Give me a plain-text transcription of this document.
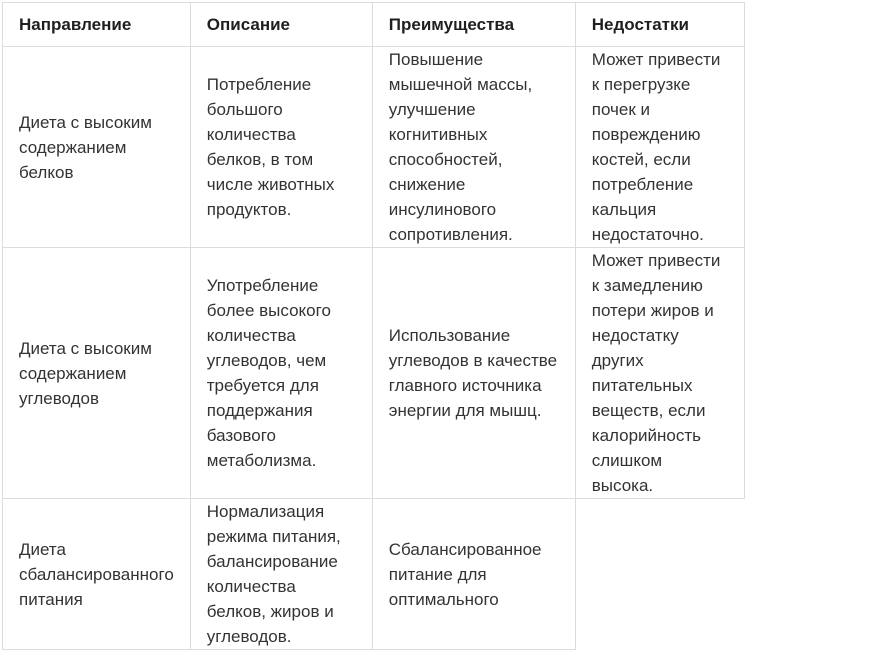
Направление	Описание	Преимущества	Недостатки
Диета с высоким содержанием белков	Потребление большого количества белков, в том числе животных продуктов.	Повышение мышечной массы, улучшение когнитивных способностей, снижение инсулинового сопротивления.	Может привести к перегрузке почек и повреждению костей, если потребление кальция недостаточно.
Диета с высоким содержанием углеводов	Употребление более высокого количества углеводов, чем требуется для поддержания базового метаболизма.	Использование углеводов в качестве главного источника энергии для мышц.	Может привести к замедлению потери жиров и недостатку других питательных веществ, если калорийность слишком высока.
Диета сбалансированного питания	Нормализация режима питания, балансирование количества белков, жиров и углеводов.	Сбалансированное питание для оптимального	
